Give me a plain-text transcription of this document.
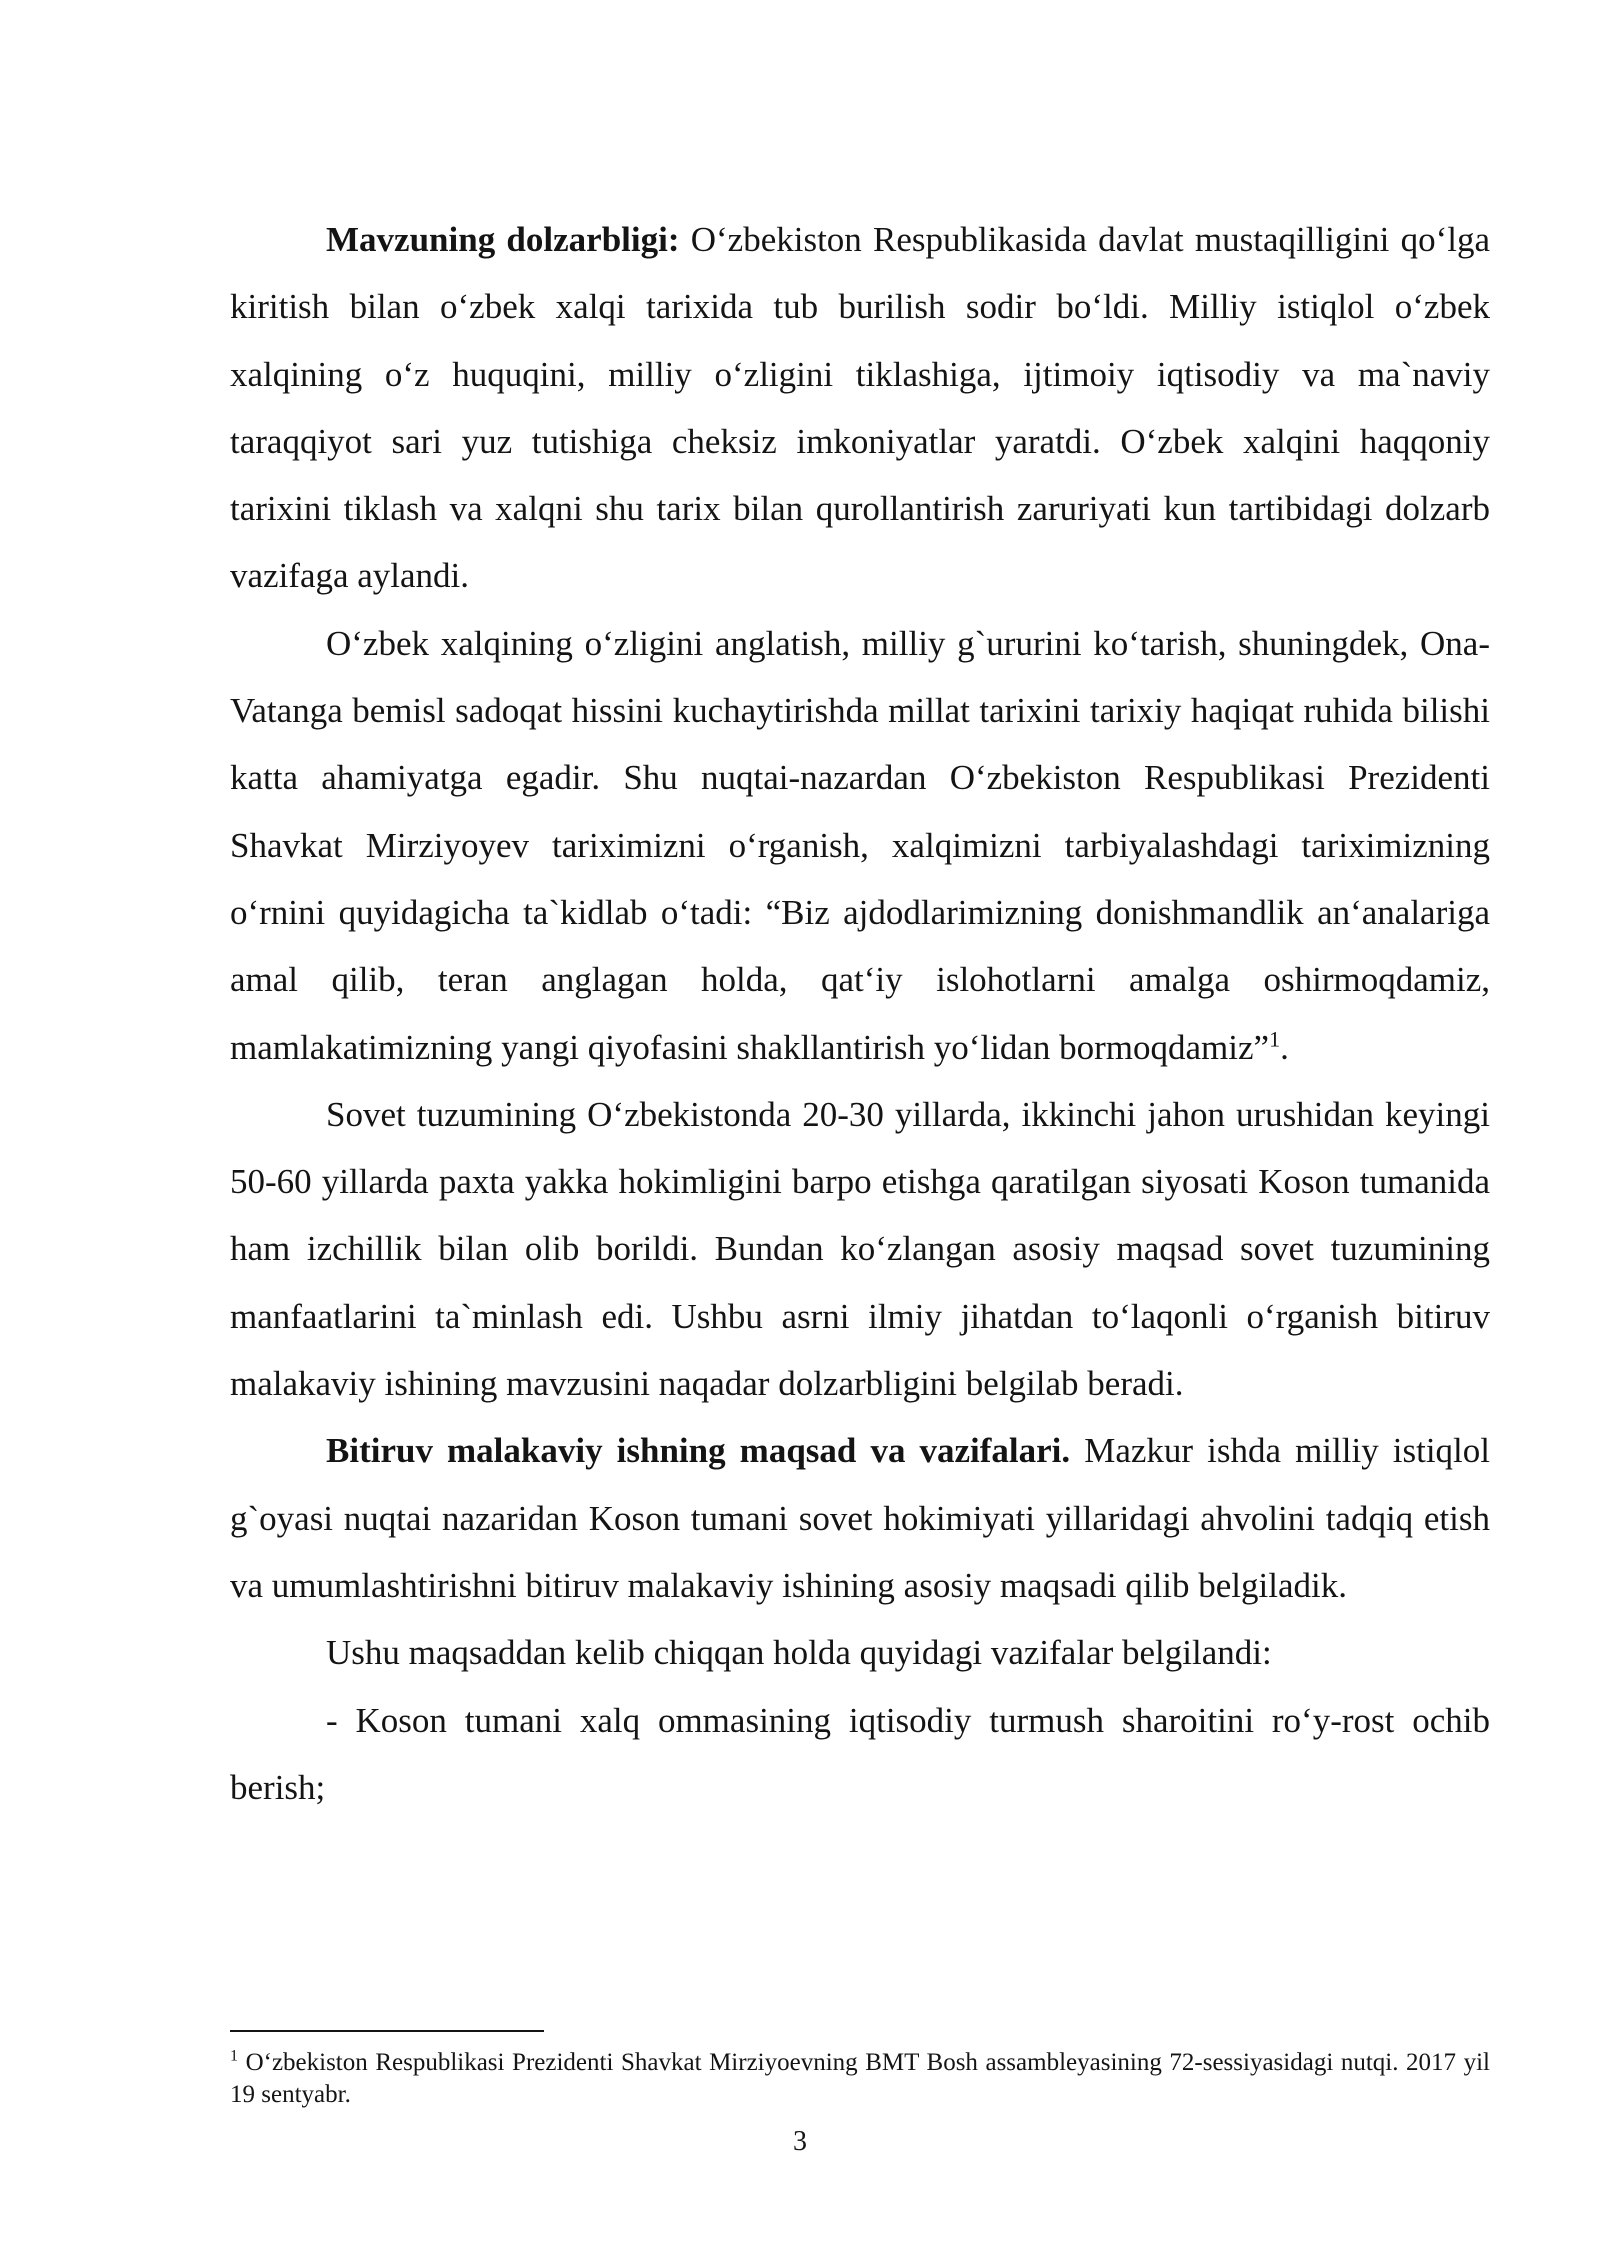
Mavzuning dolzarbligi: O‘zbekiston Respublikasida davlat mustaqilligini qo‘lga kiritish bilan o‘zbek xalqi tarixida tub burilish sodir bo‘ldi. Milliy istiqlol o‘zbek xalqining o‘z huquqini, milliy o‘zligini tiklashiga, ijtimoiy iqtisodiy va ma`naviy taraqqiyot sari yuz tutishiga cheksiz imkoniyatlar yaratdi. O‘zbek xalqini haqqoniy tarixini tiklash va xalqni shu tarix bilan qurollantirish zaruriyati kun tartibidagi dolzarb vazifaga aylandi.

O‘zbek xalqining o‘zligini anglatish, milliy g`ururini ko‘tarish, shuningdek, Ona-Vatanga bemisl sadoqat hissini kuchaytirishda millat tarixini tarixiy haqiqat ruhida bilishi katta ahamiyatga egadir. Shu nuqtai-nazardan O‘zbekiston Respublikasi Prezidenti Shavkat Mirziyoyev tariximizni o‘rganish, xalqimizni tarbiyalashdagi tariximizning o‘rnini quyidagicha ta`kidlab o‘tadi: “Biz ajdodlarimizning donishmandlik an‘analariga amal qilib, teran anglagan holda, qat‘iy islohotlarni amalga oshirmoqdamiz, mamlakatimizning yangi qiyofasini shakllantirish yo‘lidan bormoqdamiz”$^1$.

Sovet tuzumining O‘zbekistonda 20-30 yillarda, ikkinchi jahon urushidan keyingi 50-60 yillarda paxta yakka hokimligini barpo etishga qaratilgan siyosati Koson tumanida ham izchillik bilan olib borildi. Bundan ko‘zlangan asosiy maqsad sovet tuzumining manfaatlarini ta`minlash edi. Ushbu asrni ilmiy jihatdan to‘laqonli o‘rganish bitiruv malakaviy ishining mavzusini naqadar dolzarbligini belgilab beradi.

Bitiruv malakaviy ishning maqsad va vazifalari. Mazkur ishda milliy istiqlol g`oyasi nuqtai nazaridan Koson tumani sovet hokimiyati yillaridagi ahvolini tadqiq etish va umumlashtirishni bitiruv malakaviy ishining asosiy maqsadi qilib belgiladik.

Ushu maqsaddan kelib chiqqan holda quyidagi vazifalar belgilandi:

- Koson tumani xalq ommasining iqtisodiy turmush sharoitini ro‘y-rost ochib berish;

$^1$ O‘zbekiston Respublikasi Prezidenti Shavkat Mirziyoevning BMT Bosh assambleyasining 72-sessiyasidagi nutqi. 2017 yil 19 sentyabr.
3
